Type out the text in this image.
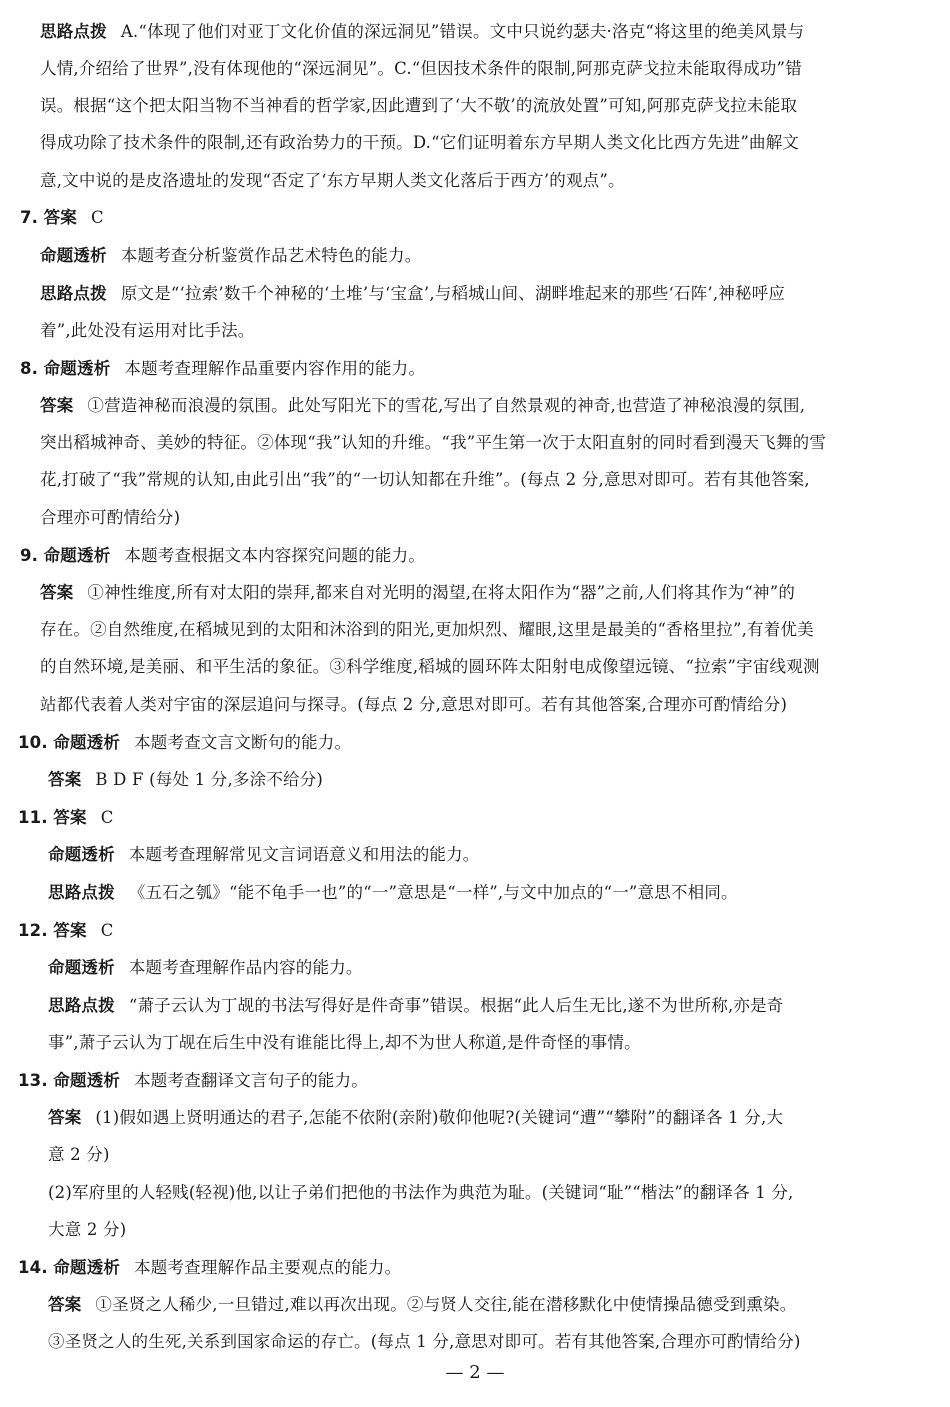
思路点拨 A.“体现了他们对亚丁文化价值的深远洞见”错误。文中只说约瑟夫·洛克“将这里的绝美风景与
人情,介绍给了世界”,没有体现他的“深远洞见”。C.“但因技术条件的限制,阿那克萨戈拉未能取得成功”错
误。根据“这个把太阳当物不当神看的哲学家,因此遭到了‘大不敬’的流放处置”可知,阿那克萨戈拉未能取
得成功除了技术条件的限制,还有政治势力的干预。D.“它们证明着东方早期人类文化比西方先进”曲解文
意,文中说的是皮洛遗址的发现“否定了‘东方早期人类文化落后于西方’的观点”。
7. 答案 C
命题透析 本题考查分析鉴赏作品艺术特色的能力。
思路点拨 原文是“‘拉索’数千个神秘的‘土堆’与‘宝盒’,与稻城山间、湖畔堆起来的那些‘石阵’,神秘呼应
着”,此处没有运用对比手法。
8. 命题透析 本题考查理解作品重要内容作用的能力。
答案 ①营造神秘而浪漫的氛围。此处写阳光下的雪花,写出了自然景观的神奇,也营造了神秘浪漫的氛围,
突出稻城神奇、美妙的特征。②体现“我”认知的升维。“我”平生第一次于太阳直射的同时看到漫天飞舞的雪
花,打破了“我”常规的认知,由此引出“我”的“一切认知都在升维”。(每点 2 分,意思对即可。若有其他答案,
合理亦可酌情给分)
9. 命题透析 本题考查根据文本内容探究问题的能力。
答案 ①神性维度,所有对太阳的崇拜,都来自对光明的渴望,在将太阳作为“器”之前,人们将其作为“神”的
存在。②自然维度,在稻城见到的太阳和沐浴到的阳光,更加炽烈、耀眼,这里是最美的“香格里拉”,有着优美
的自然环境,是美丽、和平生活的象征。③科学维度,稻城的圆环阵太阳射电成像望远镜、“拉索”宇宙线观测
站都代表着人类对宇宙的深层追问与探寻。(每点 2 分,意思对即可。若有其他答案,合理亦可酌情给分)
10. 命题透析 本题考查文言文断句的能力。
答案 B D F (每处 1 分,多涂不给分)
11. 答案 C
命题透析 本题考查理解常见文言词语意义和用法的能力。
思路点拨 《五石之瓠》“能不龟手一也”的“一”意思是“一样”,与文中加点的“一”意思不相同。
12. 答案 C
命题透析 本题考查理解作品内容的能力。
思路点拨 “萧子云认为丁觇的书法写得好是件奇事”错误。根据“此人后生无比,遂不为世所称,亦是奇
事”,萧子云认为丁觇在后生中没有谁能比得上,却不为世人称道,是件奇怪的事情。
13. 命题透析 本题考查翻译文言句子的能力。
答案 (1)假如遇上贤明通达的君子,怎能不依附(亲附)敬仰他呢?(关键词“遭”“攀附”的翻译各 1 分,大
意 2 分)
(2)军府里的人轻贱(轻视)他,以让子弟们把他的书法作为典范为耻。(关键词“耻”“楷法”的翻译各 1 分,
大意 2 分)
14. 命题透析 本题考查理解作品主要观点的能力。
答案 ①圣贤之人稀少,一旦错过,难以再次出现。②与贤人交往,能在潜移默化中使情操品德受到熏染。
③圣贤之人的生死,关系到国家命运的存亡。(每点 1 分,意思对即可。若有其他答案,合理亦可酌情给分)
— 2 —
